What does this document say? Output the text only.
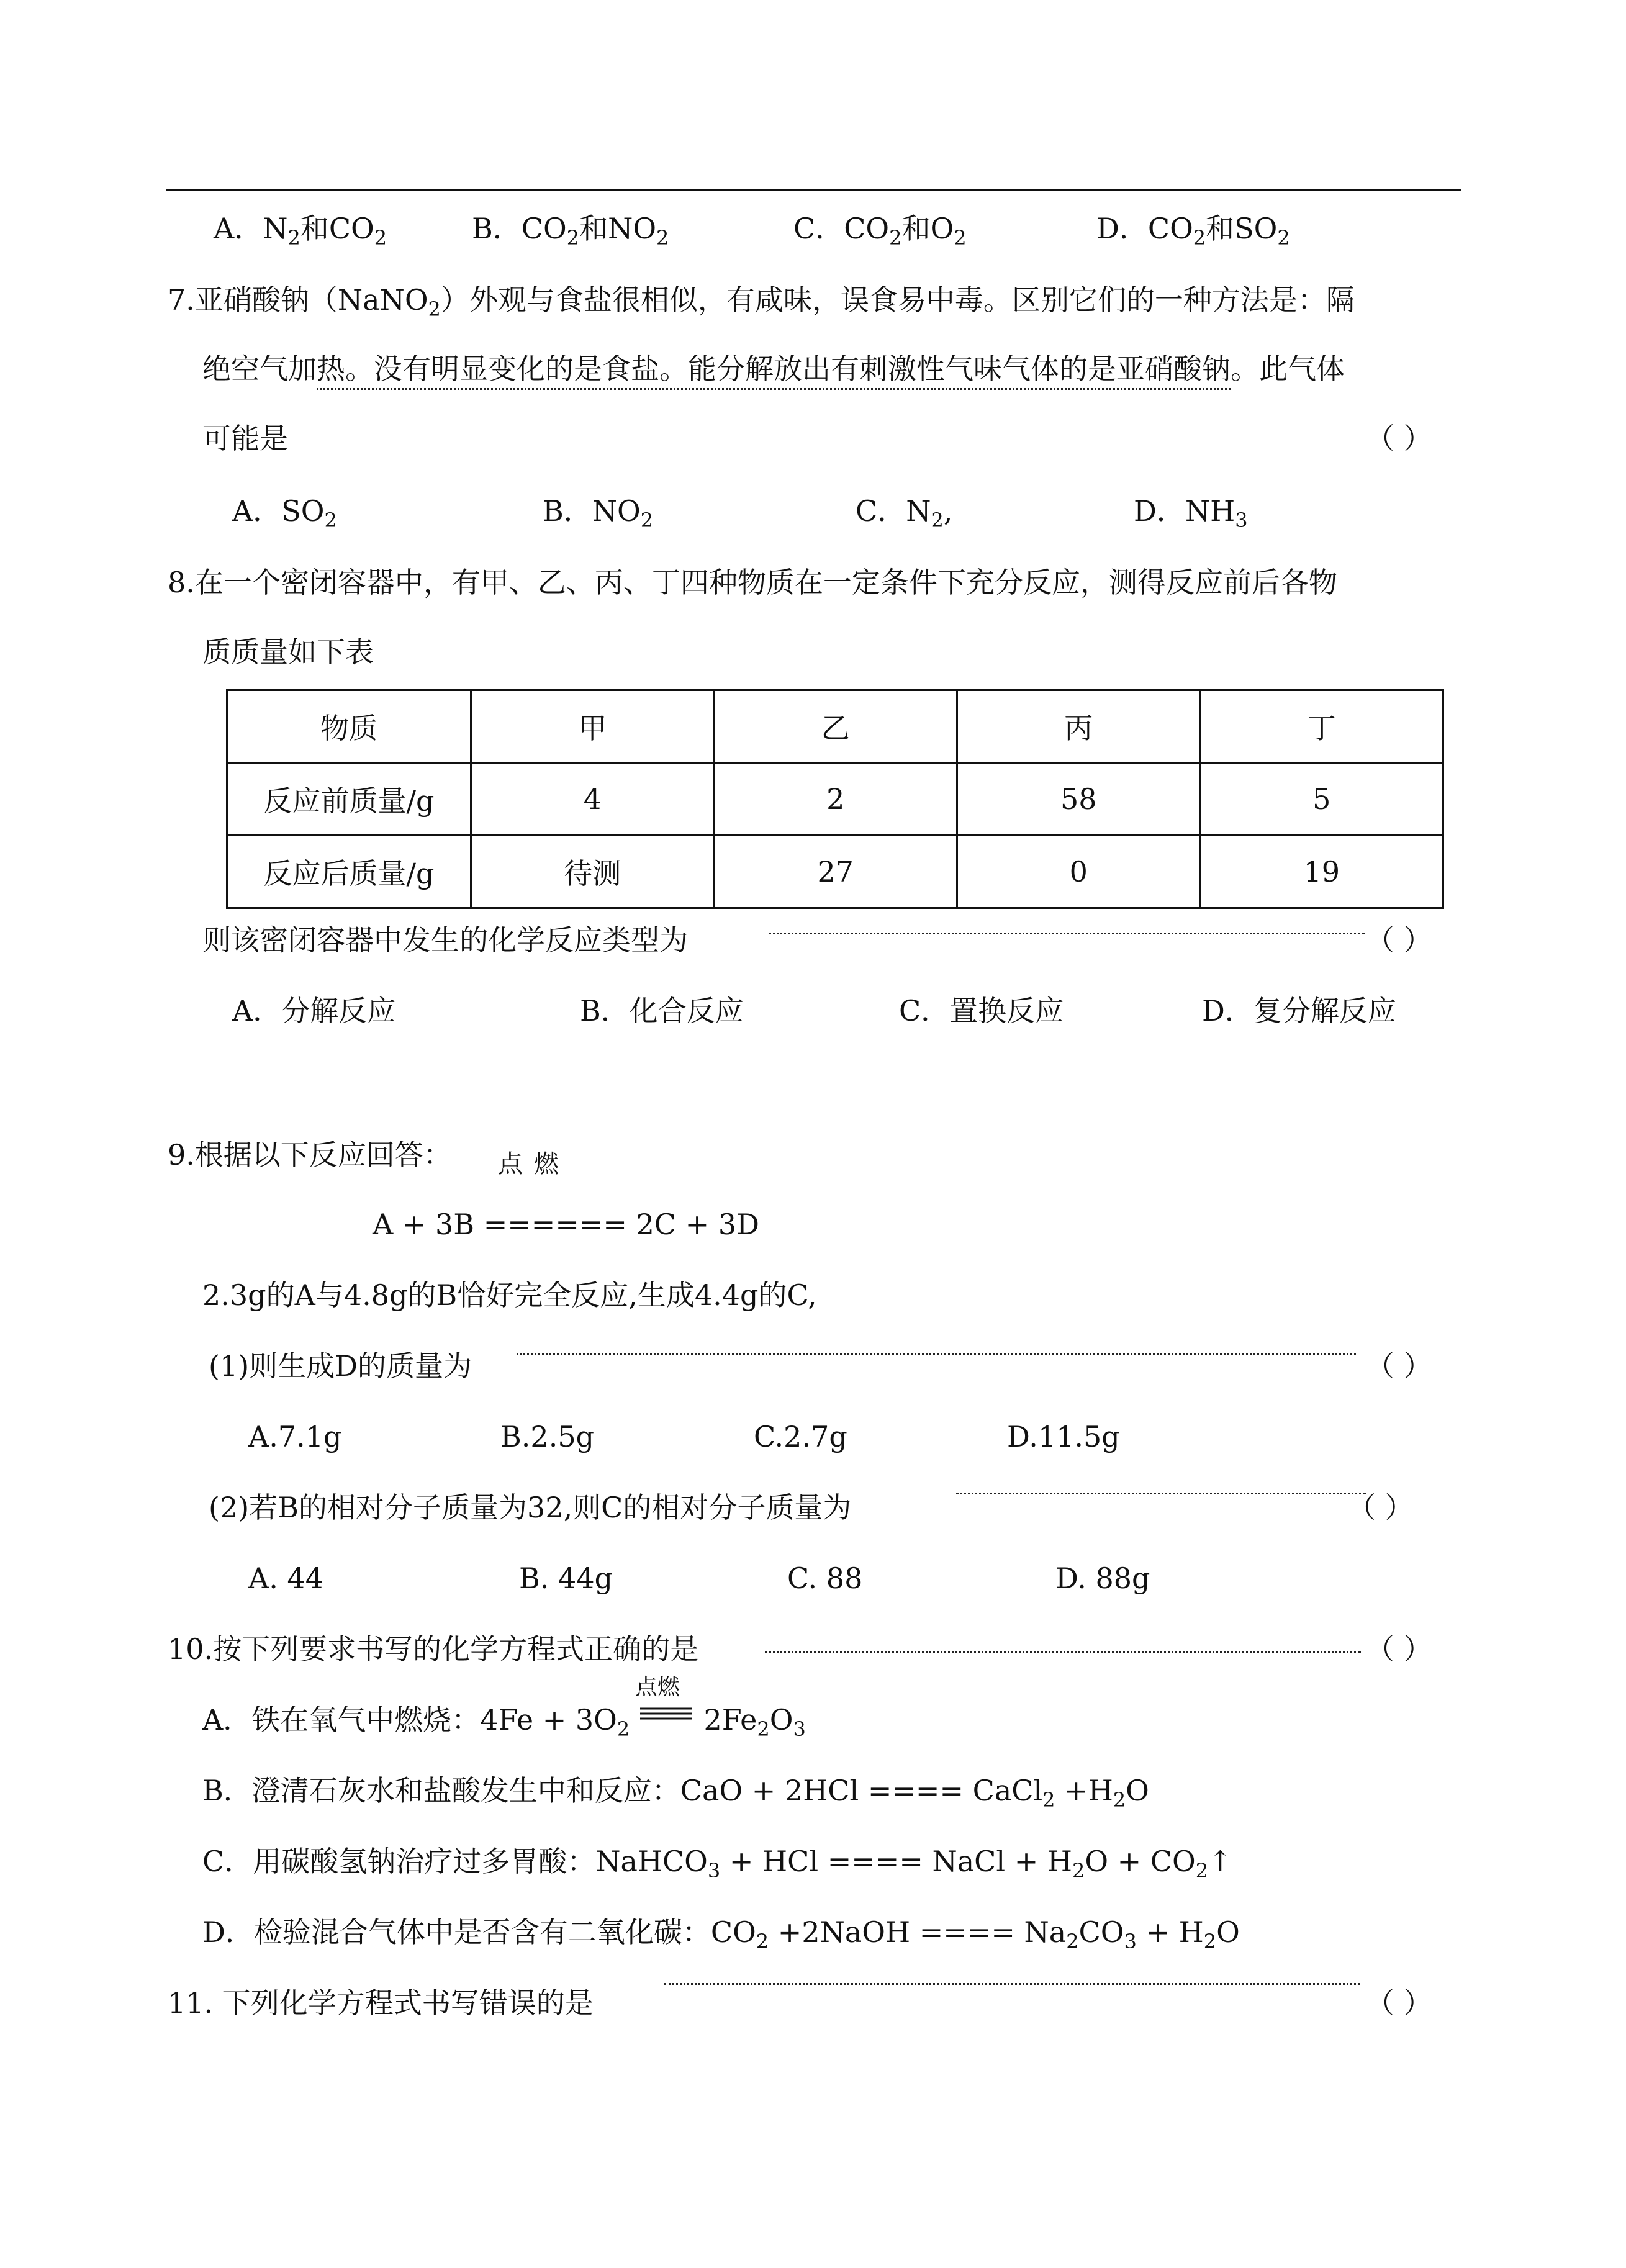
A．$N_2$和$CO_2$	B．$CO_2$和$NO_2$	C．$CO_2$和$O_2$	D．$CO_2$和$SO_2$
7.亚硝酸钠（NaNO$_2$）外观与食盐很相似，有咸味，误食易中毒。区别它们的一种方法是：隔
绝空气加热。没有明显变化的是食盐。能分解放出有刺激性气味气体的是亚硝酸钠。此气体
可能是	（ ）
A．$SO_2$	B．$NO_2$	C．$N_2$,	D．$NH_3$
8.在一个密闭容器中，有甲、乙、丙、丁四种物质在一定条件下充分反应，测得反应前后各物
质质量如下表
物质	甲	乙	丙	丁
反应前质量/g	4	2	58	5
反应后质量/g	待测	27	0	19
则该密闭容器中发生的化学反应类型为	（ ）
A．分解反应	B．化合反应	C．置换反应	D．复分解反应
9.根据以下反应回答： 点燃
A + 3B ====== 2C + 3D
2.3g的A与4.8g的B恰好完全反应,生成4.4g的C,
(1)则生成D的质量为	（ ）
A.7.1g	B.2.5g	C.2.7g	D.11.5g
(2)若B的相对分子质量为32,则C的相对分子质量为	（ ）
A. 44	B. 44g	C. 88	D. 88g
10.按下列要求书写的化学方程式正确的是	（ ）
A．铁在氧气中燃烧：$4Fe + 3O_2$
点燃
$2Fe_2O_3$
B．澄清石灰水和盐酸发生中和反应：CaO + 2HCl ==== CaCl$_2$ $+H_2O$
C．用碳酸氢钠治疗过多胃酸：NaHCO$_3$ + HCl ==== NaCl + $H_2O$ + $CO_2↑$
D．检验混合气体中是否含有二氧化碳：$CO_2$ +2NaOH ==== $Na_2CO_3 + H_2O$
11. 下列化学方程式书写错误的是	（ ）
